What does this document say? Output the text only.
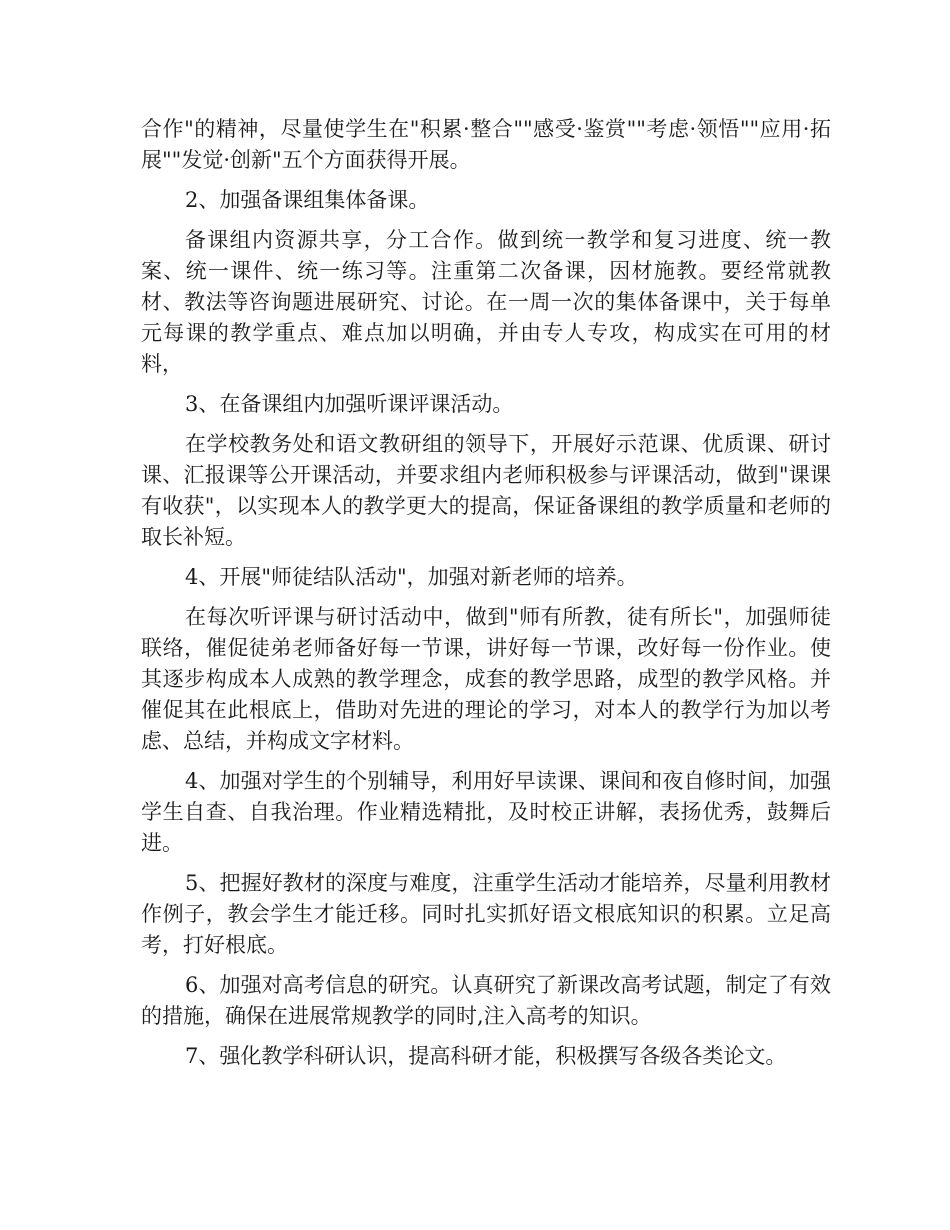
合作"的精神，尽量使学生在"积累·整合""感受·鉴赏""考虑·领悟""应用·拓展""发觉·创新"五个方面获得开展。

2、加强备课组集体备课。

备课组内资源共享，分工合作。做到统一教学和复习进度、统一教案、统一课件、统一练习等。注重第二次备课，因材施教。要经常就教材、教法等咨询题进展研究、讨论。在一周一次的集体备课中，关于每单元每课的教学重点、难点加以明确，并由专人专攻，构成实在可用的材料，

3、在备课组内加强听课评课活动。

在学校教务处和语文教研组的领导下，开展好示范课、优质课、研讨课、汇报课等公开课活动，并要求组内老师积极参与评课活动，做到"课课有收获"，以实现本人的教学更大的提高，保证备课组的教学质量和老师的取长补短。

4、开展"师徒结队活动"，加强对新老师的培养。

在每次听评课与研讨活动中，做到"师有所教，徒有所长"，加强师徒联络，催促徒弟老师备好每一节课，讲好每一节课，改好每一份作业。使其逐步构成本人成熟的教学理念，成套的教学思路，成型的教学风格。并催促其在此根底上，借助对先进的理论的学习，对本人的教学行为加以考虑、总结，并构成文字材料。

4、加强对学生的个别辅导，利用好早读课、课间和夜自修时间，加强学生自查、自我治理。作业精选精批，及时校正讲解，表扬优秀，鼓舞后进。

5、把握好教材的深度与难度，注重学生活动才能培养，尽量利用教材作例子，教会学生才能迁移。同时扎实抓好语文根底知识的积累。立足高考，打好根底。

6、加强对高考信息的研究。认真研究了新课改高考试题，制定了有效的措施，确保在进展常规教学的同时,注入高考的知识。

7、强化教学科研认识，提高科研才能，积极撰写各级各类论文。
